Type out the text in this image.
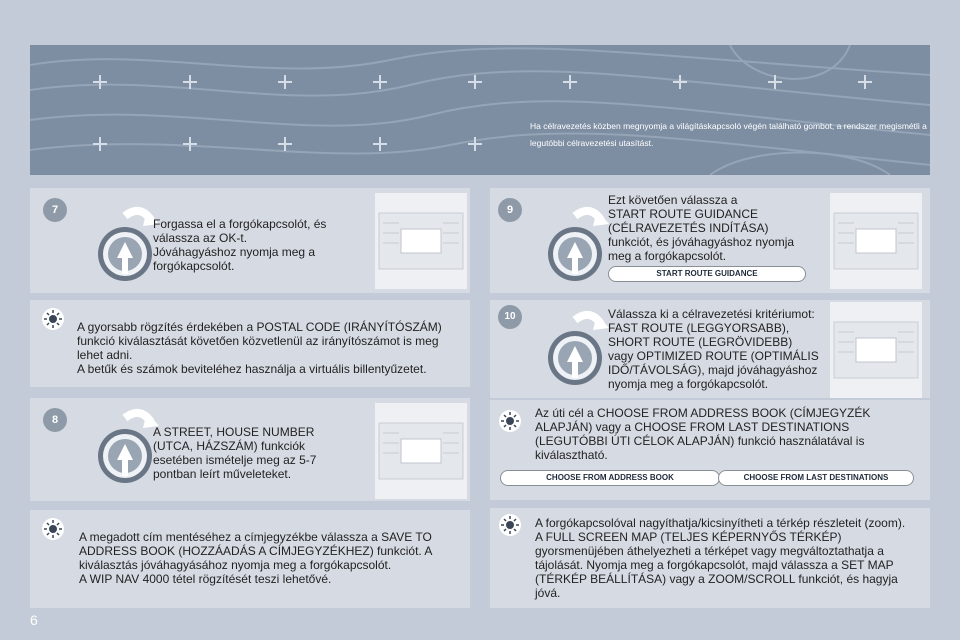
Ha célravezetés közben megnyomja a világításkapcsoló végén található gombot, a rendszer megismétli a legutóbbi célravezetési utasítást.
7
Forgassa el a forgókapcsolót, és
válassza az OK-t.
Jóváhagyáshoz nyomja meg a
forgókapcsolót.
A gyorsabb rögzítés érdekében a POSTAL CODE (IRÁNYÍTÓSZÁM)
funkció kiválasztását követően közvetlenül az irányítószámot is meg
lehet adni.
A betűk és számok beviteléhez használja a virtuális billentyűzetet.
8
A STREET, HOUSE NUMBER
(UTCA, HÁZSZÁM) funkciók
esetében ismételje meg az 5-7
pontban leírt műveleteket.
A megadott cím mentéséhez a címjegyzékbe válassza a SAVE TO
ADDRESS BOOK (HOZZÁADÁS A CÍMJEGYZÉKHEZ) funkciót. A
kiválasztás jóváhagyásához nyomja meg a forgókapcsolót.
A WIP NAV 4000 tétel rögzítését teszi lehetővé.
9
Ezt követően válassza a
START ROUTE GUIDANCE
(CÉLRAVEZETÉS INDÍTÁSA)
funkciót, és jóváhagyáshoz nyomja
meg a forgókapcsolót.
START ROUTE GUIDANCE
10	Válassza ki a célravezetési kritériumot:
FAST ROUTE (LEGGYORSABB),
SHORT ROUTE (LEGRÖVIDEBB)
vagy OPTIMIZED ROUTE (OPTIMÁLIS
IDŐ/TÁVOLSÁG), majd jóváhagyáshoz
nyomja meg a forgókapcsolót.
Az úti cél a CHOOSE FROM ADDRESS BOOK (CÍMJEGYZÉK
ALAPJÁN) vagy a CHOOSE FROM LAST DESTINATIONS
(LEGUTÓBBI ÚTI CÉLOK ALAPJÁN) funkció használatával is
kiválasztható.
CHOOSE FROM ADDRESS BOOK	CHOOSE FROM LAST DESTINATIONS
A forgókapcsolóval nagyíthatja/kicsinyítheti a térkép részleteit (zoom).
A FULL SCREEN MAP (TELJES KÉPERNYŐS TÉRKÉP)
gyorsmenüjében áthelyezheti a térképet vagy megváltoztathatja a
tájolását. Nyomja meg a forgókapcsolót, majd válassza a SET MAP
(TÉRKÉP BEÁLLÍTÁSA) vagy a ZOOM/SCROLL funkciót, és hagyja
jóvá.
6
